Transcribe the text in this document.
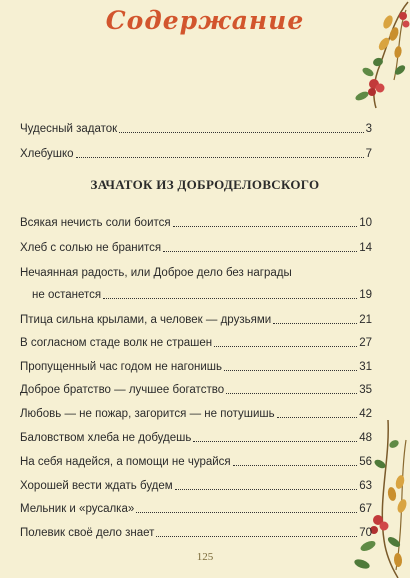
Содержание
Чудесный задаток	3
Хлебушко	7
ЗАЧАТОК ИЗ ДОБРОДЕЛОВСКОГО
Всякая нечисть соли боится	10
Хлеб с солью не бранится	14
Нечаянная радость, или Доброе дело без награды
не останется	19
Птица сильна крылами, а человек — друзьями	21
В согласном стаде волк не страшен	27
Пропущенный час годом не нагонишь	31
Доброе братство — лучшее богатство	35
Любовь — не пожар, загорится — не потушишь	42
Баловством хлеба не добудешь	48
На себя надейся, а помощи не чурайся	56
Хорошей вести ждать будем	63
Мельник и «русалка»	67
Полевик своё дело знает	70
125
